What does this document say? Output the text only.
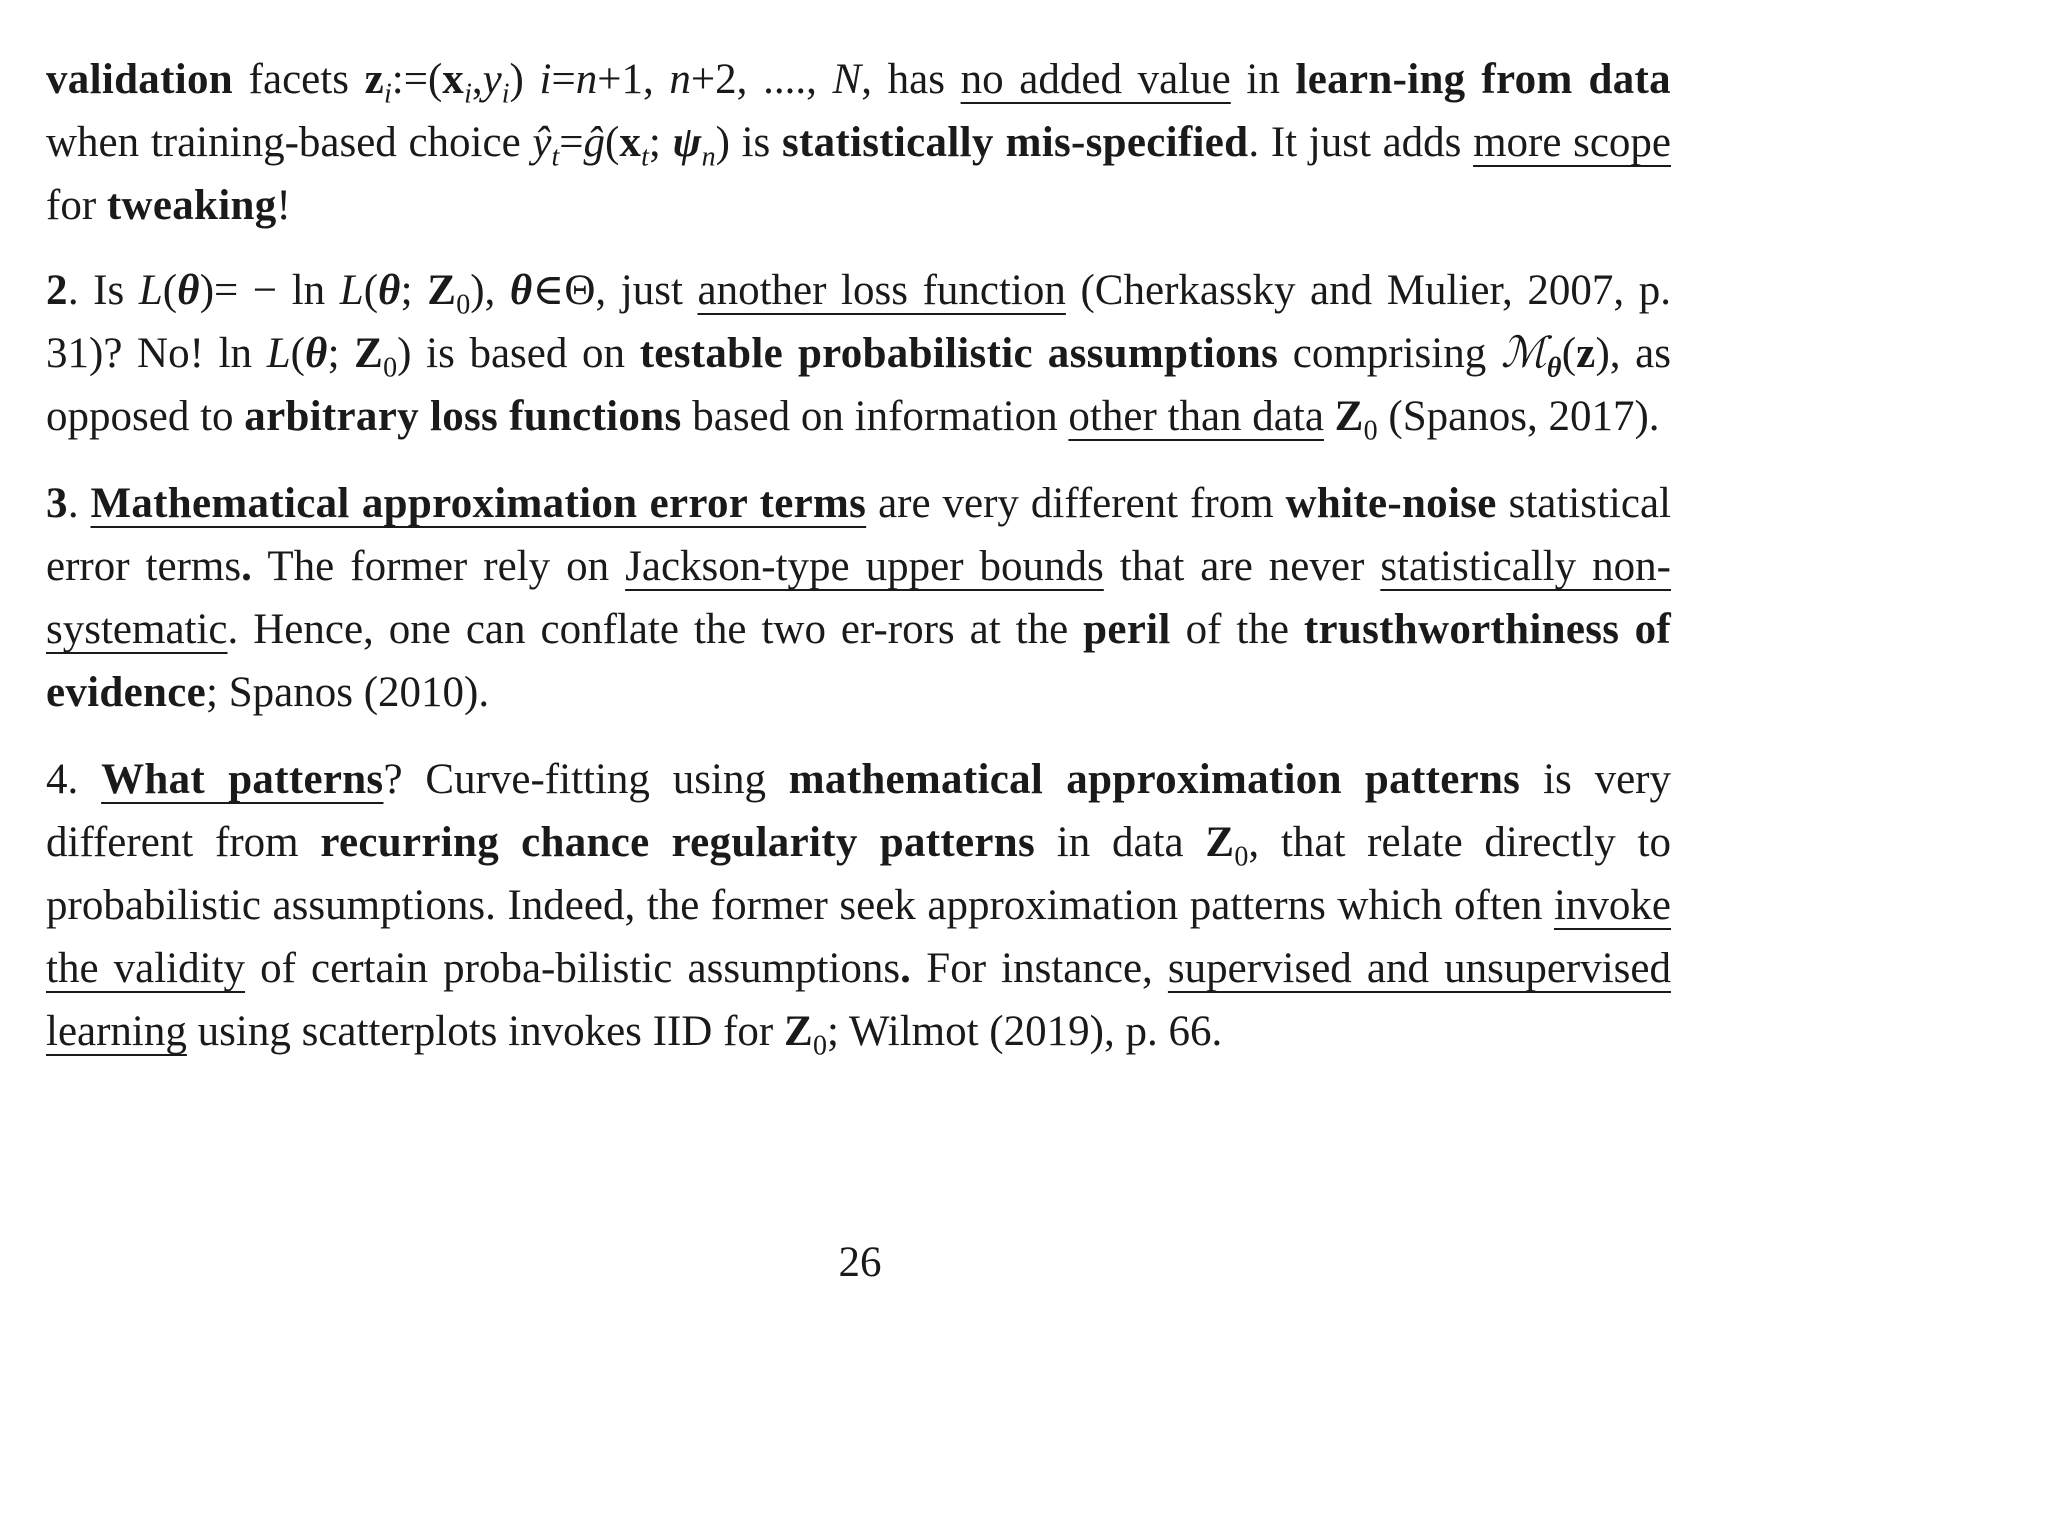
validation facets $z_i:=(x_i,y_i)$ i=n+1, n+2, ...., N, has no added value in learn-ing from data when training-based choice $ŷ_t=ĝ(x_t$; $\psi_n$) is statistically mis-specified. It just adds more scope for tweaking!

2. Is L(θ)= − ln L(θ; $Z_0$), θ∈Θ, just another loss function (Cherkassky and Mulier, 2007, p. 31)? No! ln L(θ; $Z_0$) is based on testable probabilistic assumptions comprising ℳ$_\theta$(z), as opposed to arbitrary loss functions based on information other than data $Z_0$ (Spanos, 2017).

3. Mathematical approximation error terms are very different from white-noise statistical error terms. The former rely on Jackson-type upper bounds that are never statistically non-systematic. Hence, one can conflate the two er-rors at the peril of the trusthworthiness of evidence; Spanos (2010).

4. What patterns? Curve-fitting using mathematical approximation patterns is very different from recurring chance regularity patterns in data $Z_0$, that relate directly to probabilistic assumptions. Indeed, the former seek approximation patterns which often invoke the validity of certain proba-bilistic assumptions. For instance, supervised and unsupervised learning using scatterplots invokes IID for $Z_0$; Wilmot (2019), p. 66.

26
